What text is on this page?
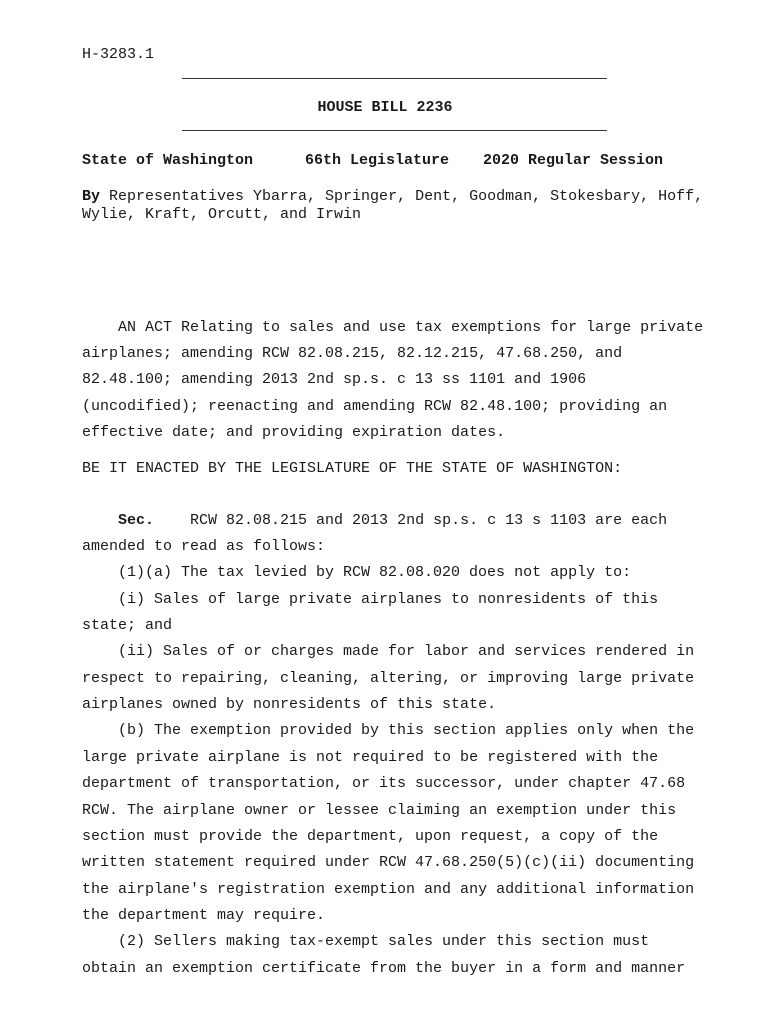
H-3283.1
HOUSE BILL 2236
State of Washington	66th Legislature 2020 Regular Session
By Representatives Ybarra, Springer, Dent, Goodman, Stokesbary, Hoff,
Wylie, Kraft, Orcutt, and Irwin
AN ACT Relating to sales and use tax exemptions for large private
airplanes; amending RCW 82.08.215, 82.12.215, 47.68.250, and
82.48.100; amending 2013 2nd sp.s. c 13 ss 1101 and 1906
(uncodified); reenacting and amending RCW 82.48.100; providing an
effective date; and providing expiration dates.
BE IT ENACTED BY THE LEGISLATURE OF THE STATE OF WASHINGTON:
Sec. RCW 82.08.215 and 2013 2nd sp.s. c 13 s 1103 are each
amended to read as follows:
(1)(a) The tax levied by RCW 82.08.020 does not apply to:
(i) Sales of large private airplanes to nonresidents of this
state; and
(ii) Sales of or charges made for labor and services rendered in
respect to repairing, cleaning, altering, or improving large private
airplanes owned by nonresidents of this state.
(b) The exemption provided by this section applies only when the
large private airplane is not required to be registered with the
department of transportation, or its successor, under chapter 47.68
RCW. The airplane owner or lessee claiming an exemption under this
section must provide the department, upon request, a copy of the
written statement required under RCW 47.68.250(5)(c)(ii) documenting
the airplane's registration exemption and any additional information
the department may require.
(2) Sellers making tax-exempt sales under this section must
obtain an exemption certificate from the buyer in a form and manner
